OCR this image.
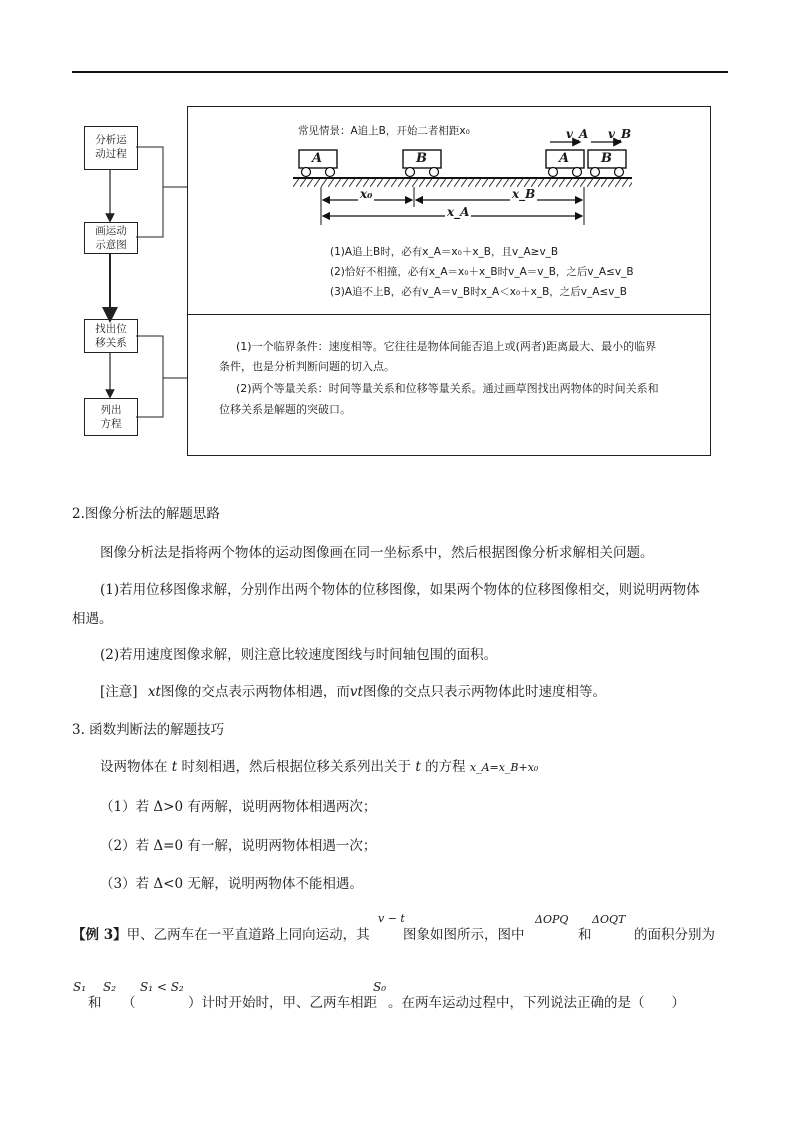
分析运
动过程
画运动
示意图
找出位
移关系
列出
方程
常见情景：A追上B，开始二者相距x₀
A	B	A B
v_A v_B
x₀	x_B
x_A
(1)A追上B时，必有x_A＝x₀＋x_B，且v_A≥v_B
(2)恰好不相撞，必有x_A＝x₀＋x_B时v_A＝v_B，之后v_A≤v_B
(3)A追不上B，必有v_A＝v_B时x_A＜x₀＋x_B，之后v_A≤v_B
(1)一个临界条件：速度相等。它往往是物体间能否追上或(两者)距离最大、最小的临界
条件，也是分析判断问题的切入点。
(2)两个等量关系：时间等量关系和位移等量关系。通过画草图找出两物体的时间关系和
位移关系是解题的突破口。
2.图像分析法的解题思路
图像分析法是指将两个物体的运动图像画在同一坐标系中，然后根据图像分析求解相关问题。
(1)若用位移图像求解，分别作出两个物体的位移图像，如果两个物体的位移图像相交，则说明两物体
相遇。
(2)若用速度图像求解，则注意比较速度图线与时间轴包围的面积。
[注意] xt图像的交点表示两物体相遇，而vt图像的交点只表示两物体此时速度相等。
3. 函数判断法的解题技巧
设两物体在 t 时刻相遇，然后根据位移关系列出关于 t 的方程 x_A=x_B+x₀
（1）若 Δ>0 有两解，说明两物体相遇两次；
（2）若 Δ=0 有一解，说明两物体相遇一次；
（3）若 Δ<0 无解，说明两物体不能相遇。
【例 3】甲、乙两车在一平直道路上同向运动，其
v − t
图象如图所示，图中
ΔOPQ
和
ΔOQT
的面积分别为
S₁
和
S₂
（
S₁ < S₂
）计时开始时，甲、乙两车相距
S₀
。在两车运动过程中，下列说法正确的是（　　）
